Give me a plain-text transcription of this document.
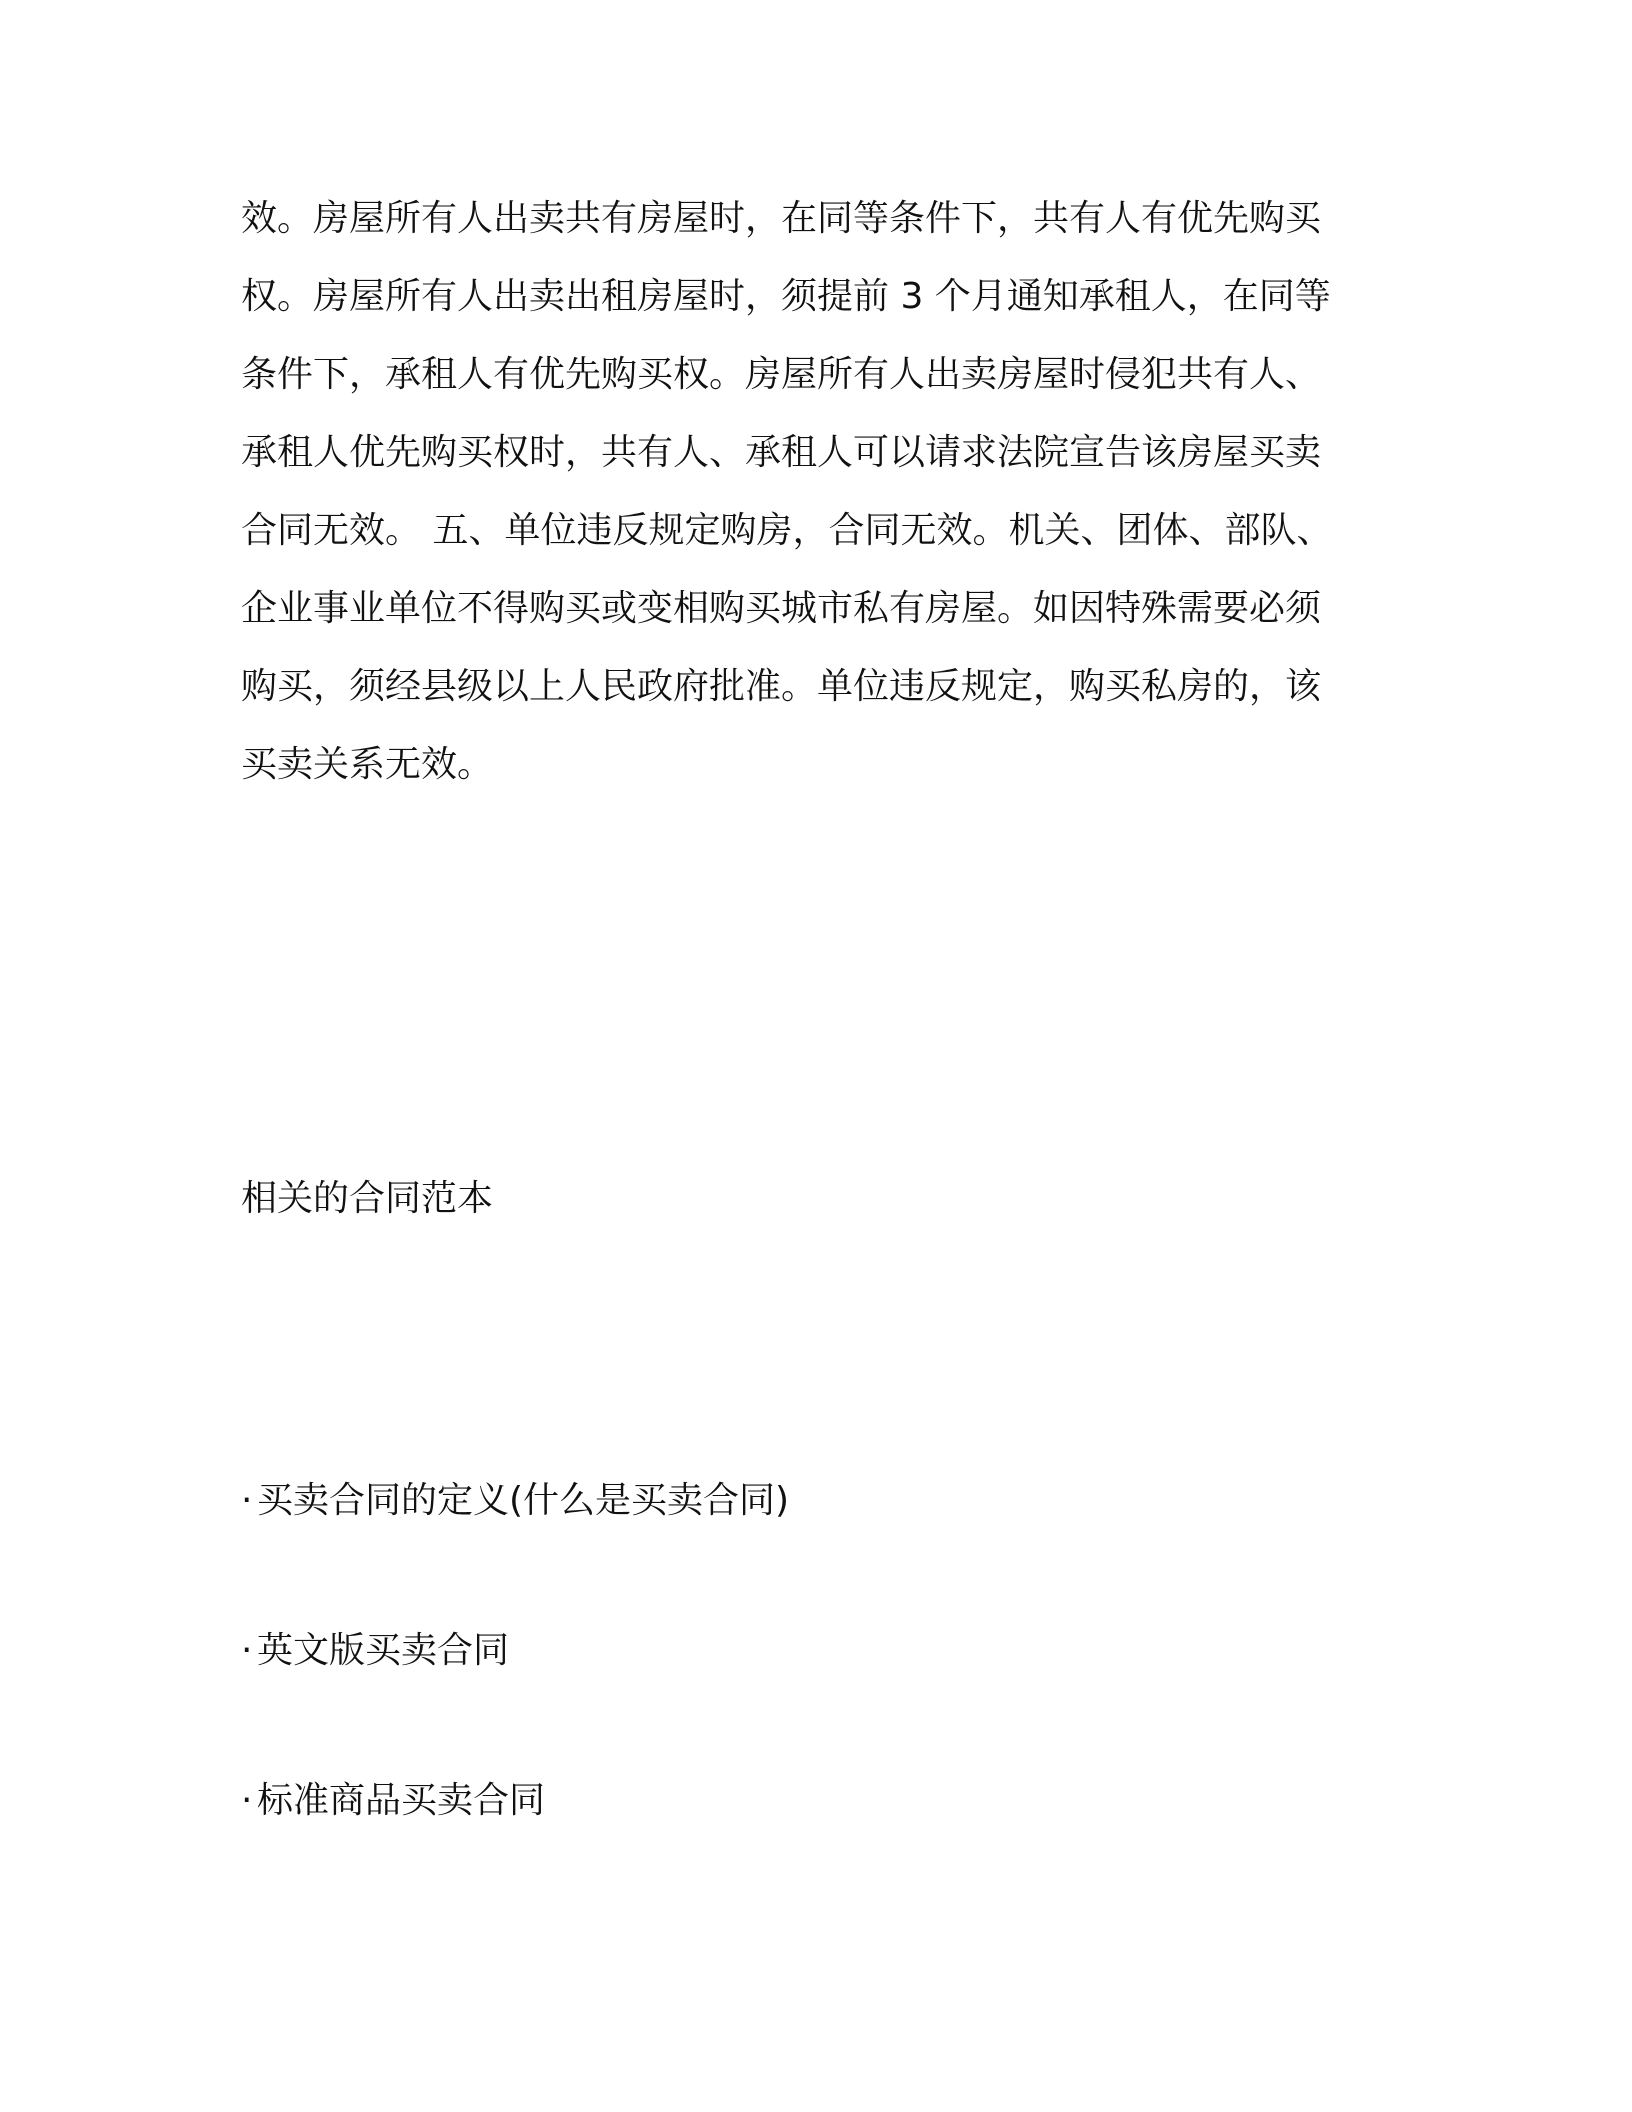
效。房屋所有人出卖共有房屋时，在同等条件下，共有人有优先购买
权。房屋所有人出卖出租房屋时，须提前 3 个月通知承租人，在同等
条件下，承租人有优先购买权。房屋所有人出卖房屋时侵犯共有人、
承租人优先购买权时，共有人、承租人可以请求法院宣告该房屋买卖
合同无效。 五、单位违反规定购房，合同无效。机关、团体、部队、
企业事业单位不得购买或变相购买城市私有房屋。如因特殊需要必须
购买，须经县级以上人民政府批准。单位违反规定，购买私房的，该
买卖关系无效。
相关的合同范本
· 买卖合同的定义(什么是买卖合同)
· 英文版买卖合同
· 标准商品买卖合同
